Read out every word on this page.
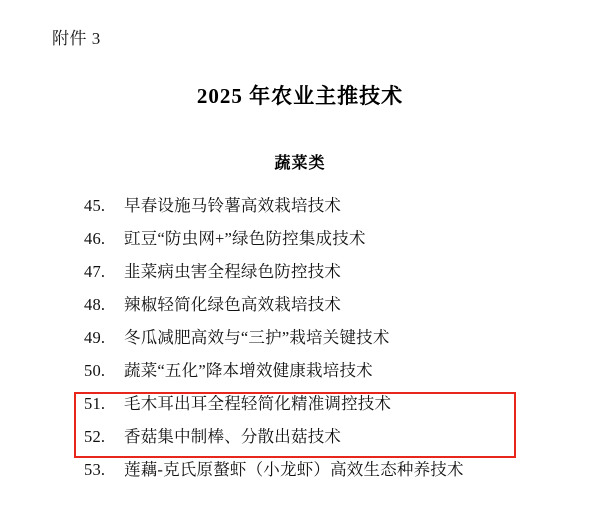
附件 3
2025 年农业主推技术
蔬菜类
45.	早春设施马铃薯高效栽培技术
46.	豇豆“防虫网+”绿色防控集成技术
47.	韭菜病虫害全程绿色防控技术
48.	辣椒轻简化绿色高效栽培技术
49.	冬瓜减肥高效与“三护”栽培关键技术
50.	蔬菜“五化”降本增效健康栽培技术
51.	毛木耳出耳全程轻简化精准调控技术
52.	香菇集中制棒、分散出菇技术
53.	莲藕-克氏原螯虾（小龙虾）高效生态种养技术
